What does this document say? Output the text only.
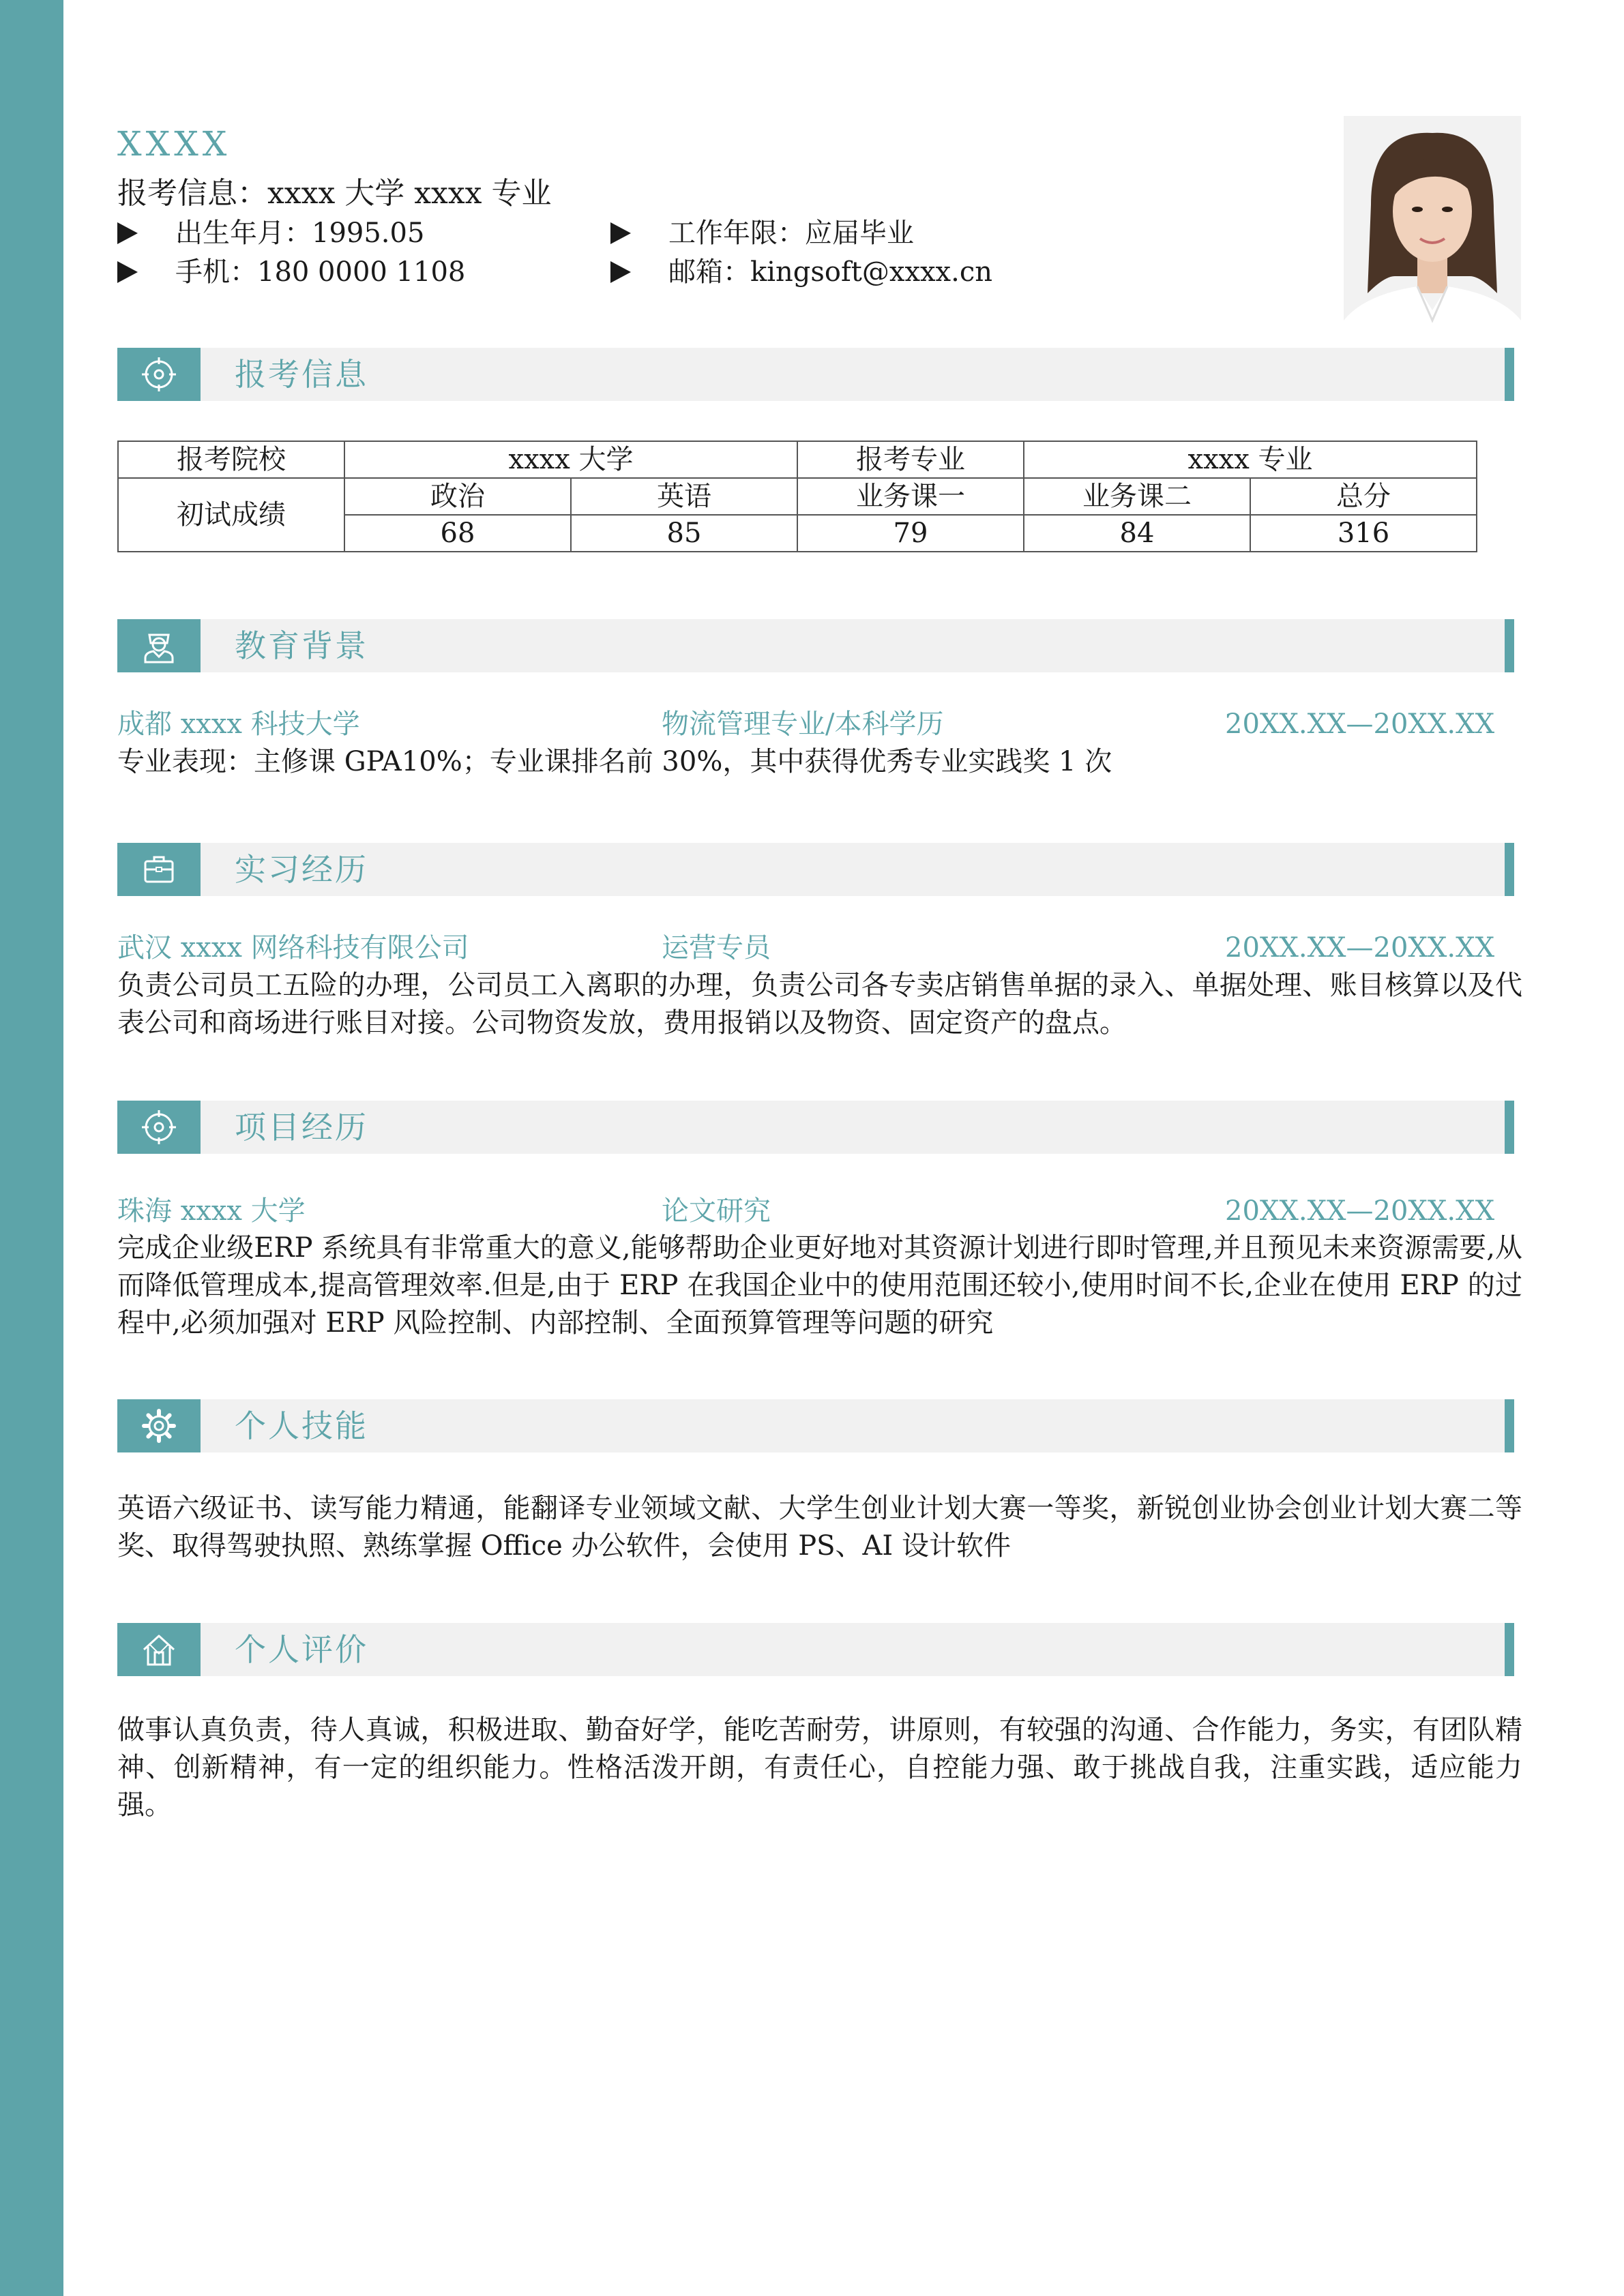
XXXX
报考信息：xxxx 大学 xxxx 专业
出生年月：1995.05	工作年限：应届毕业
手机：180 0000 1108	邮箱：kingsoft@xxxx.cn
报考信息
报考院校	xxxx 大学		报考专业	xxxx 专业	
初试成绩	政治	英语	业务课一	业务课二	总分
	68	85	79	84	316
教育背景
成都 xxxx 科技大学	物流管理专业/本科学历	20XX.XX—20XX.XX
专业表现：主修课 GPA10%；专业课排名前 30%，其中获得优秀专业实践奖 1 次
实习经历
武汉 xxxx 网络科技有限公司	运营专员	20XX.XX—20XX.XX
负责公司员工五险的办理，公司员工入离职的办理，负责公司各专卖店销售单据的录入、单据处理、账目核算以及代表公司和商场进行账目对接。公司物资发放，费用报销以及物资、固定资产的盘点。
项目经历
珠海 xxxx 大学	论文研究	20XX.XX—20XX.XX
完成企业级ERP 系统具有非常重大的意义,能够帮助企业更好地对其资源计划进行即时管理,并且预见未来资源需要,从而降低管理成本,提高管理效率.但是,由于 ERP 在我国企业中的使用范围还较小,使用时间不长,企业在使用 ERP 的过程中,必须加强对 ERP 风险控制、内部控制、全面预算管理等问题的研究
个人技能
英语六级证书、读写能力精通，能翻译专业领域文献、大学生创业计划大赛一等奖，新锐创业协会创业计划大赛二等奖、取得驾驶执照、熟练掌握 Office 办公软件，会使用 PS、AI 设计软件
个人评价
做事认真负责，待人真诚，积极进取、勤奋好学，能吃苦耐劳，讲原则，有较强的沟通、合作能力，务实，有团队精神、创新精神，有一定的组织能力。性格活泼开朗，有责任心，自控能力强、敢于挑战自我，注重实践，适应能力强。
